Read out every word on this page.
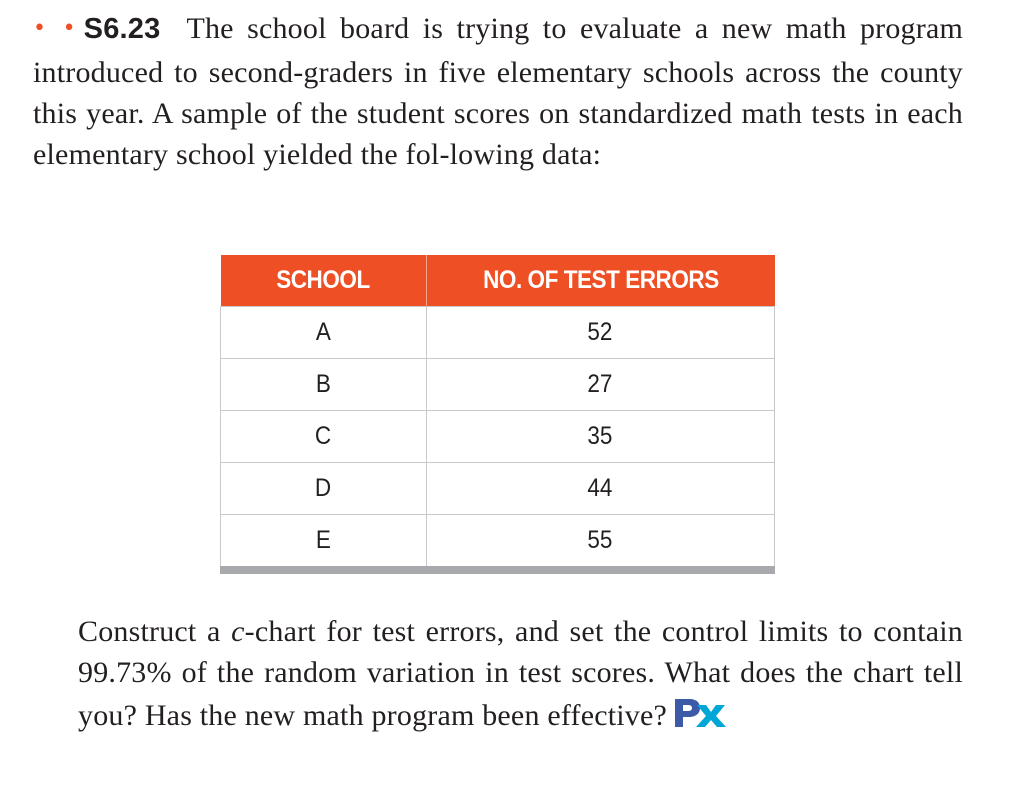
• • S6.23 The school board is trying to evaluate a new math program introduced to second-graders in five elementary schools across the county this year. A sample of the student scores on standardized math tests in each elementary school yielded the fol-lowing data:
SCHOOL	NO. OF TEST ERRORS
A	52
B	27
C	35
D	44
E	55
Construct a c-chart for test errors, and set the control limits to contain 99.73% of the random variation in test scores. What does the chart tell you? Has the new math program been effective?
